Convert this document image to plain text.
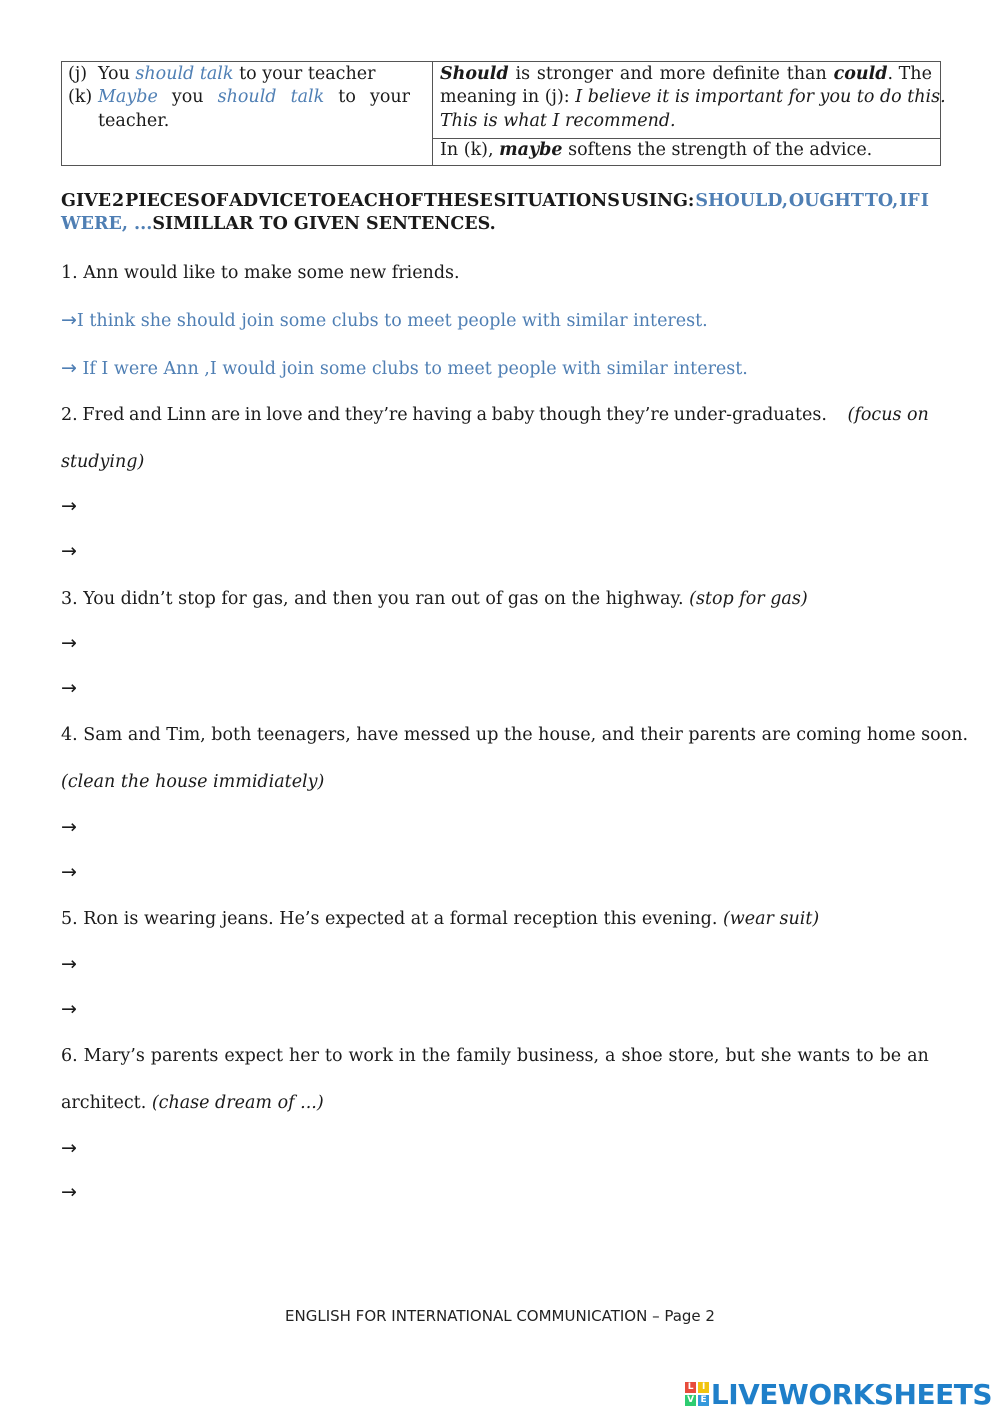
(j) You should talk to your teacher
(k) Maybe you should talk to your
teacher.
Should is stronger and more definite than could. The
meaning in (j): I believe it is important for you to do this.
This is what I recommend.
In (k), maybe softens the strength of the advice.
GIVE 2 PIECES OF ADVICE TO EACH OF THESE SITUATIONS USING: SHOULD, OUGHT TO, IF I
WERE, ...SIMILLAR TO GIVEN SENTENCES.
1. Ann would like to make some new friends.
→I think she should join some clubs to meet people with similar interest.
→ If I were Ann ,I would join some clubs to meet people with similar interest.
2. Fred and Linn are in love and they’re having a baby though they’re under-graduates. (focus on
studying)
→
→
3. You didn’t stop for gas, and then you ran out of gas on the highway. (stop for gas)
→
→
4. Sam and Tim, both teenagers, have messed up the house, and their parents are coming home soon.
(clean the house immidiately)
→
→
5. Ron is wearing jeans. He’s expected at a formal reception this evening. (wear suit)
→
→
6. Mary’s parents expect her to work in the family business, a shoe store, but she wants to be an
architect. (chase dream of ...)
→
→
ENGLISH FOR INTERNATIONAL COMMUNICATION – Page 2
L I
V E LIVEWORKSHEETS
